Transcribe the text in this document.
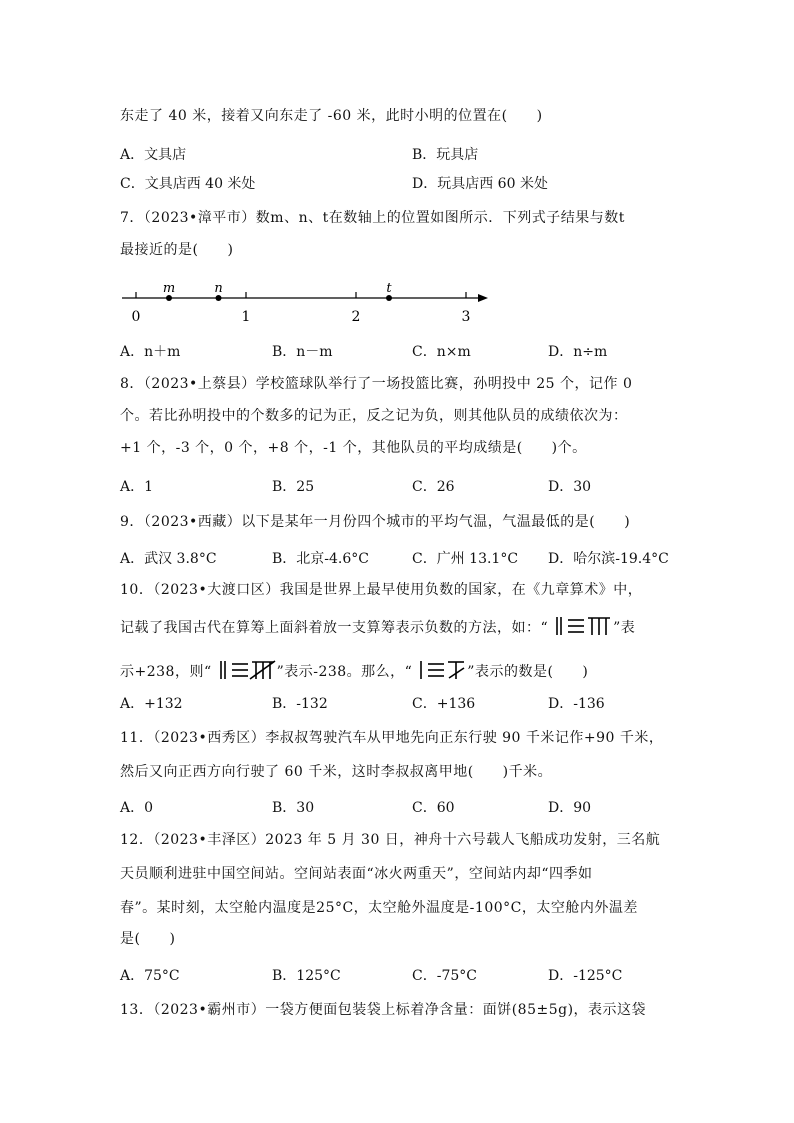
东走了 40 米，接着又向东走了 -60 米，此时小明的位置在(　　)
A．文具店	B．玩具店
C．文具店西 40 米处	D．玩具店西 60 米处
7．（2023•漳平市）数m、n、t在数轴上的位置如图所示．下列式子结果与数t
最接近的是(　　)
0	1	2	3
m	n	t
A．n＋m	B．n－m	C．n×m	D．n÷m
8．（2023•上蔡县）学校篮球队举行了一场投篮比赛，孙明投中 25 个，记作 0
个。若比孙明投中的个数多的记为正，反之记为负，则其他队员的成绩依次为：
+1 个，-3 个，0 个，+8 个，-1 个，其他队员的平均成绩是(　　)个。
A．1	B．25	C．26	D．30
9．（2023•西藏）以下是某年一月份四个城市的平均气温，气温最低的是(　　)
A．武汉 3.8°C	B．北京-4.6°C	C．广州 13.1°C D．哈尔滨-19.4°C
10．（2023•大渡口区）我国是世界上最早使用负数的国家，在《九章算术》中，
记载了我国古代在算筹上面斜着放一支算筹表示负数的方法，如：“	”表
示+238，则“	”表示-238。那么，“	”表示的数是(　　)
A．+132	B．-132	C．+136	D．-136
11．（2023•西秀区）李叔叔驾驶汽车从甲地先向正东行驶 90 千米记作+90 千米，
然后又向正西方向行驶了 60 千米，这时李叔叔离甲地(　　)千米。
A．0	B．30	C．60	D．90
12．（2023•丰泽区）2023 年 5 月 30 日，神舟十六号载人飞船成功发射，三名航
天员顺利进驻中国空间站。空间站表面“冰火两重天”，空间站内却“四季如
春”。某时刻，太空舱内温度是25°C，太空舱外温度是-100°C，太空舱内外温差
是(　　)
A．75°C	B．125°C	C．-75°C	D．-125°C
13．（2023•霸州市）一袋方便面包装袋上标着净含量：面饼(85±5g)，表示这袋
